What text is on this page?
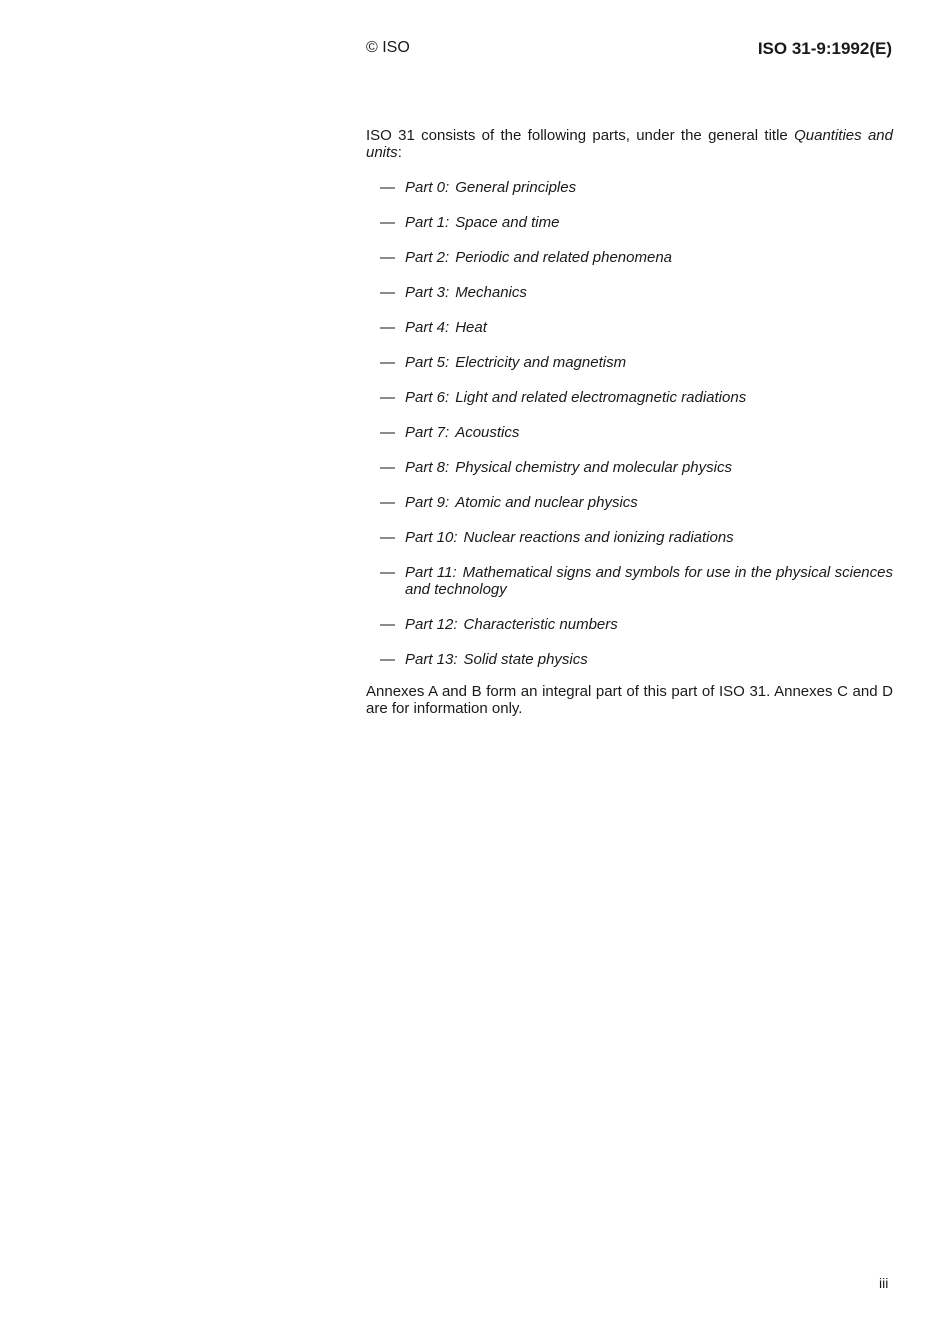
© ISO	ISO 31-9:1992(E)

ISO 31 consists of the following parts, under the general title Quantities and units:

— Part 0: General principles
— Part 1: Space and time
— Part 2: Periodic and related phenomena
— Part 3: Mechanics
— Part 4: Heat
— Part 5: Electricity and magnetism
— Part 6: Light and related electromagnetic radiations
— Part 7: Acoustics
— Part 8: Physical chemistry and molecular physics
— Part 9: Atomic and nuclear physics
— Part 10: Nuclear reactions and ionizing radiations
— Part 11: Mathematical signs and symbols for use in the physical sciences and technology
— Part 12: Characteristic numbers
— Part 13: Solid state physics

Annexes A and B form an integral part of this part of ISO 31. Annexes C and D are for information only.

iii
